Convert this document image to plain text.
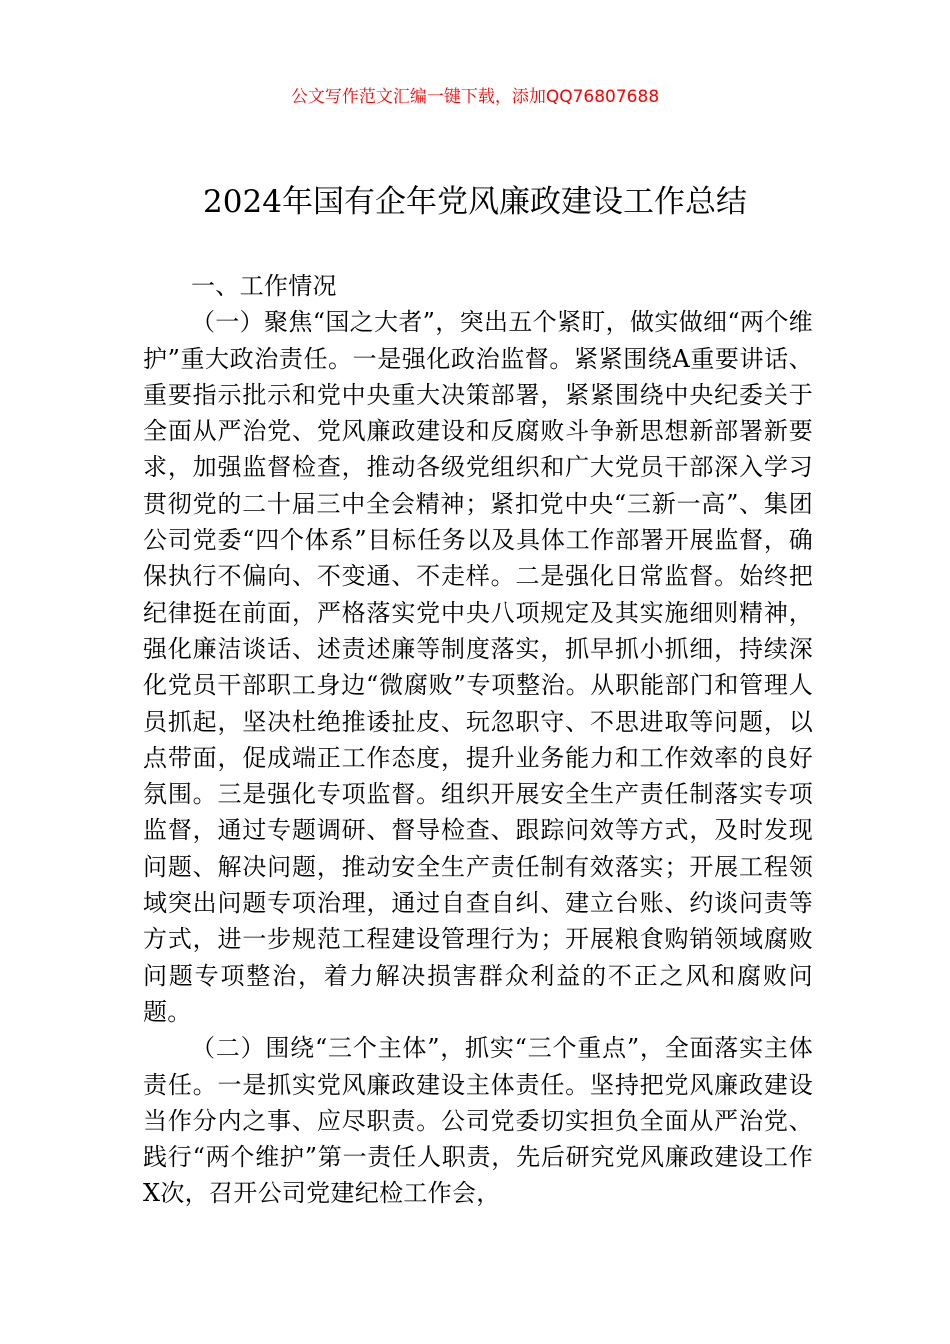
公文写作范文汇编一键下载，添加QQ76807688
2024年国有企年党风廉政建设工作总结

一、工作情况

（一）聚焦“国之大者”，突出五个紧盯，做实做细“两个维护”重大政治责任。一是强化政治监督。紧紧围绕A重要讲话、重要指示批示和党中央重大决策部署，紧紧围绕中央纪委关于全面从严治党、党风廉政建设和反腐败斗争新思想新部署新要求，加强监督检查，推动各级党组织和广大党员干部深入学习贯彻党的二十届三中全会精神；紧扣党中央“三新一高”、集团公司党委“四个体系”目标任务以及具体工作部署开展监督，确保执行不偏向、不变通、不走样。二是强化日常监督。始终把纪律挺在前面，严格落实党中央八项规定及其实施细则精神，强化廉洁谈话、述责述廉等制度落实，抓早抓小抓细，持续深化党员干部职工身边“微腐败”专项整治。从职能部门和管理人员抓起，坚决杜绝推诿扯皮、玩忽职守、不思进取等问题，以点带面，促成端正工作态度，提升业务能力和工作效率的良好氛围。三是强化专项监督。组织开展安全生产责任制落实专项监督，通过专题调研、督导检查、跟踪问效等方式，及时发现问题、解决问题，推动安全生产责任制有效落实；开展工程领域突出问题专项治理，通过自查自纠、建立台账、约谈问责等方式，进一步规范工程建设管理行为；开展粮食购销领域腐败问题专项整治，着力解决损害群众利益的不正之风和腐败问题。

（二）围绕“三个主体”，抓实“三个重点”，全面落实主体责任。一是抓实党风廉政建设主体责任。坚持把党风廉政建设当作分内之事、应尽职责。公司党委切实担负全面从严治党、践行“两个维护”第一责任人职责，先后研究党风廉政建设工作X次，召开公司党建纪检工作会，
